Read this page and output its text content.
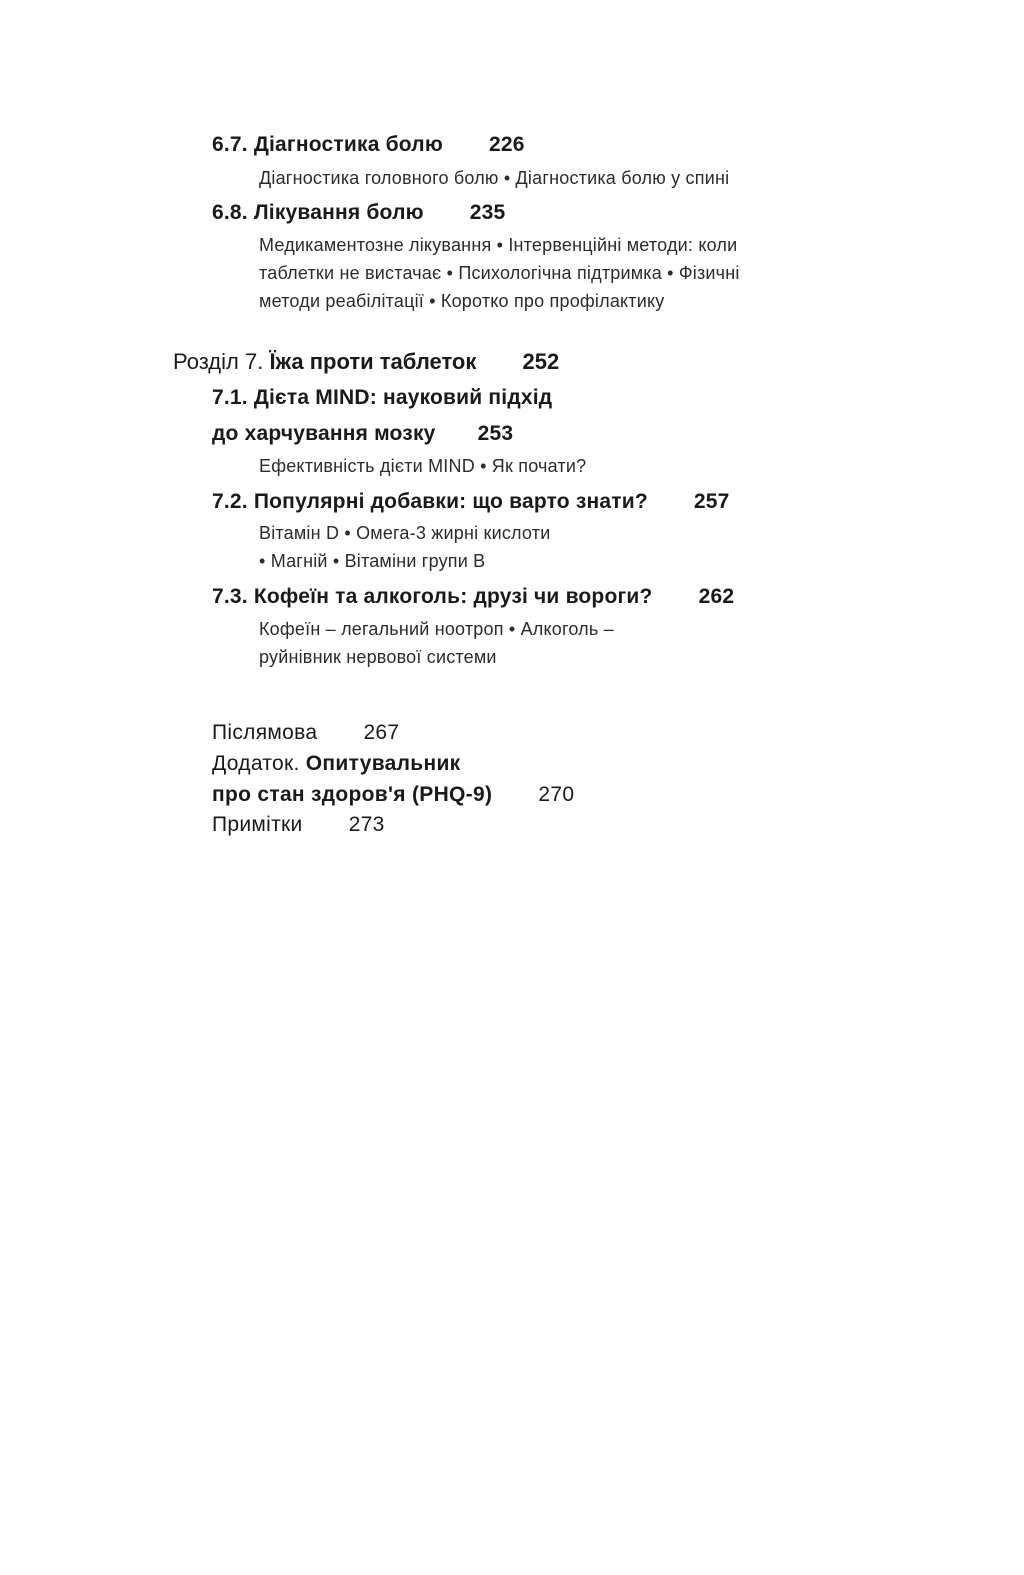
6.7. Діагностика болю 226
Діагностика головного болю • Діагностика болю у спині
6.8. Лікування болю 235
Медикаментозне лікування • Інтервенційні методи: коли
таблетки не вистачає • Психологічна підтримка • Фізичні
методи реабілітації • Коротко про профілактику
Розділ 7. Їжа проти таблеток 252
7.1. Дієта MIND: науковий підхід
до харчування мозку 253
Ефективність дієти MIND • Як почати?
7.2. Популярні добавки: що варто знати? 257
Вітамін D • Омега-3 жирні кислоти
• Магній • Вітаміни групи B
7.3. Кофеїн та алкоголь: друзі чи вороги? 262
Кофеїн – легальний ноотроп • Алкоголь –
руйнівник нервової системи
Післямова 267
Додаток. Опитувальник
про стан здоров'я (PHQ-9) 270
Примітки 273
